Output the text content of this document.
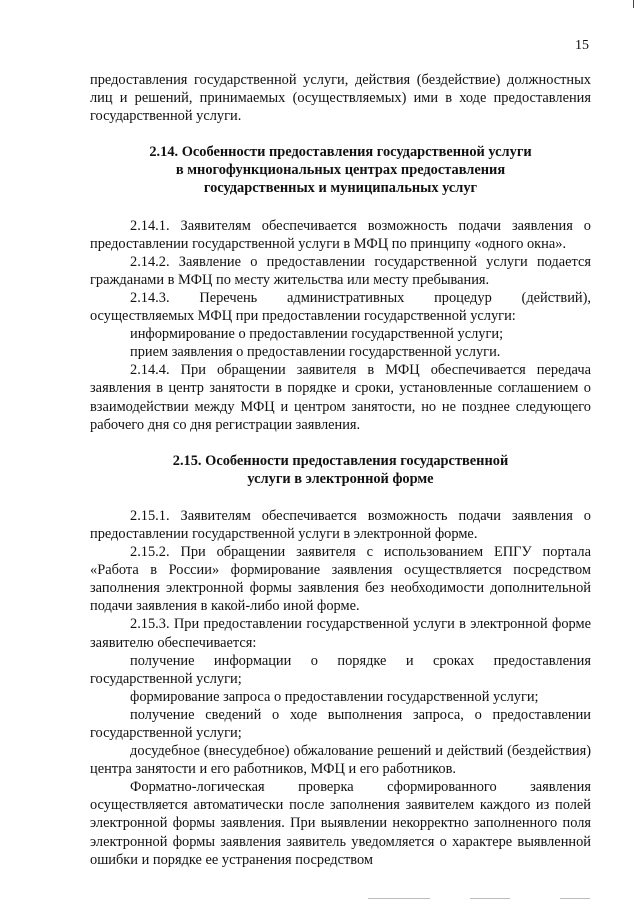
15

предоставления государственной услуги, действия (бездействие) должностных лиц и решений, принимаемых (осуществляемых) ими в ходе предоставления государственной услуги.

2.14. Особенности предоставления государственной услуги
в многофункциональных центрах предоставления
государственных и муниципальных услуг

2.14.1. Заявителям обеспечивается возможность подачи заявления о предоставлении государственной услуги в МФЦ по принципу «одного окна».

2.14.2. Заявление о предоставлении государственной услуги подается гражданами в МФЦ по месту жительства или месту пребывания.

2.14.3. Перечень административных процедур (действий), осуществляемых МФЦ при предоставлении государственной услуги:

информирование о предоставлении государственной услуги;

прием заявления о предоставлении государственной услуги.

2.14.4. При обращении заявителя в МФЦ обеспечивается передача заявления в центр занятости в порядке и сроки, установленные соглашением о взаимодействии между МФЦ и центром занятости, но не позднее следующего рабочего дня со дня регистрации заявления.

2.15. Особенности предоставления государственной
услуги в электронной форме

2.15.1. Заявителям обеспечивается возможность подачи заявления о предоставлении государственной услуги в электронной форме.

2.15.2. При обращении заявителя с использованием ЕПГУ портала «Работа в России» формирование заявления осуществляется посредством заполнения электронной формы заявления без необходимости дополнительной подачи заявления в какой-либо иной форме.

2.15.3. При предоставлении государственной услуги в электронной форме заявителю обеспечивается:

получение информации о порядке и сроках предоставления государственной услуги;

формирование запроса о предоставлении государственной услуги;

получение сведений о ходе выполнения запроса, о предоставлении государственной услуги;

досудебное (внесудебное) обжалование решений и действий (бездействия) центра занятости и его работников, МФЦ и его работников.

Форматно-логическая проверка сформированного заявления осуществляется автоматически после заполнения заявителем каждого из полей электронной формы заявления. При выявлении некорректно заполненного поля электронной формы заявления заявитель уведомляется о характере выявленной ошибки и порядке ее устранения посредством
